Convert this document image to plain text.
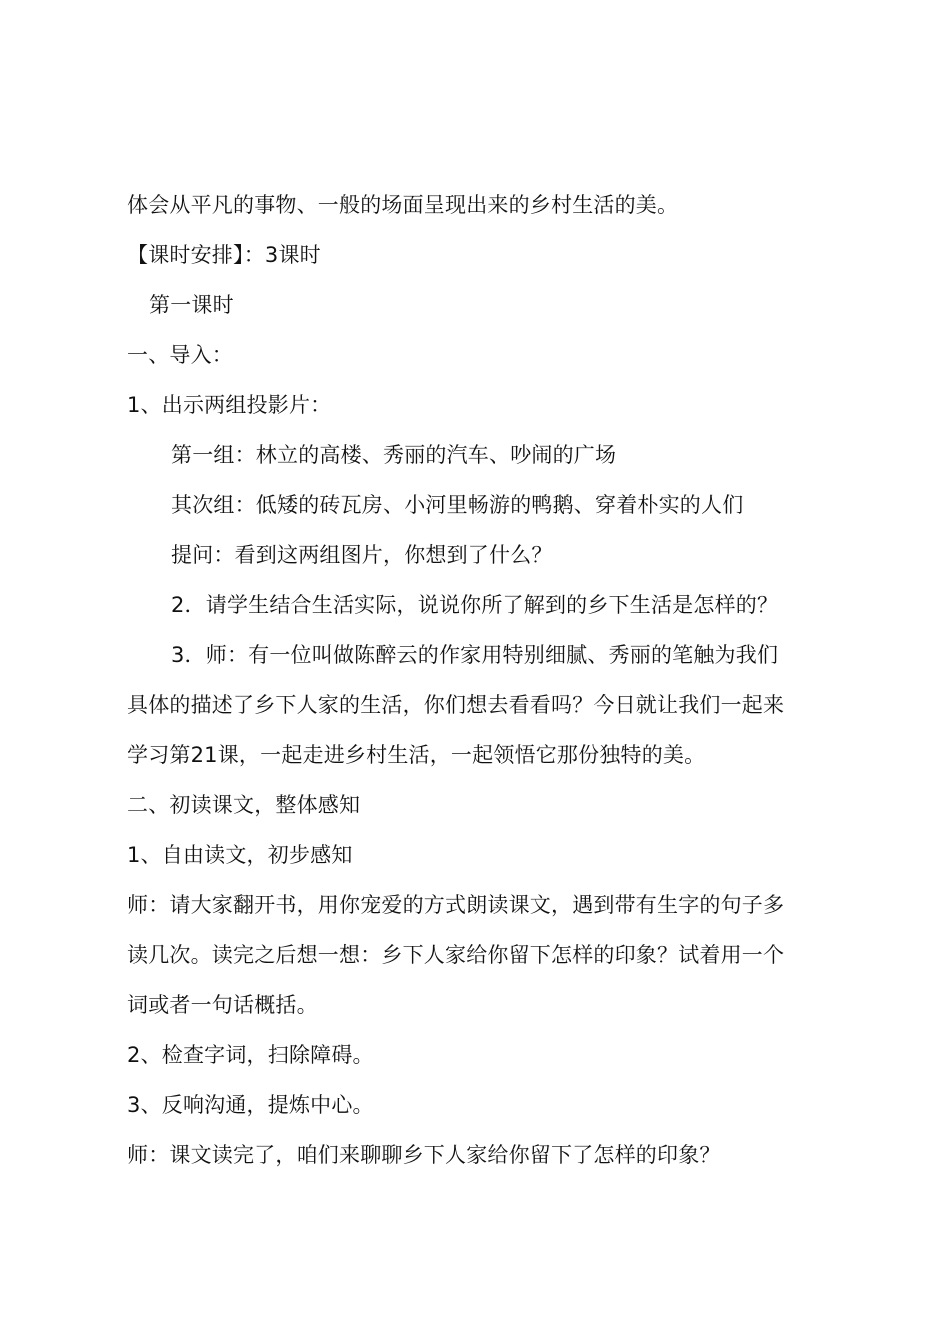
体会从平凡的事物、一般的场面呈现出来的乡村生活的美。
【课时安排】：3课时
第一课时
一、导入：
1、出示两组投影片：
第一组：林立的高楼、秀丽的汽车、吵闹的广场
其次组：低矮的砖瓦房、小河里畅游的鸭鹅、穿着朴实的人们
提问：看到这两组图片，你想到了什么？
2．请学生结合生活实际，说说你所了解到的乡下生活是怎样的？
3．师：有一位叫做陈醉云的作家用特别细腻、秀丽的笔触为我们
具体的描述了乡下人家的生活，你们想去看看吗？今日就让我们一起来
学习第21课，一起走进乡村生活，一起领悟它那份独特的美。
二、初读课文，整体感知
1、自由读文，初步感知
师：请大家翻开书，用你宠爱的方式朗读课文，遇到带有生字的句子多
读几次。读完之后想一想：乡下人家给你留下怎样的印象？试着用一个
词或者一句话概括。
2、检查字词，扫除障碍。
3、反响沟通，提炼中心。
师：课文读完了，咱们来聊聊乡下人家给你留下了怎样的印象？
